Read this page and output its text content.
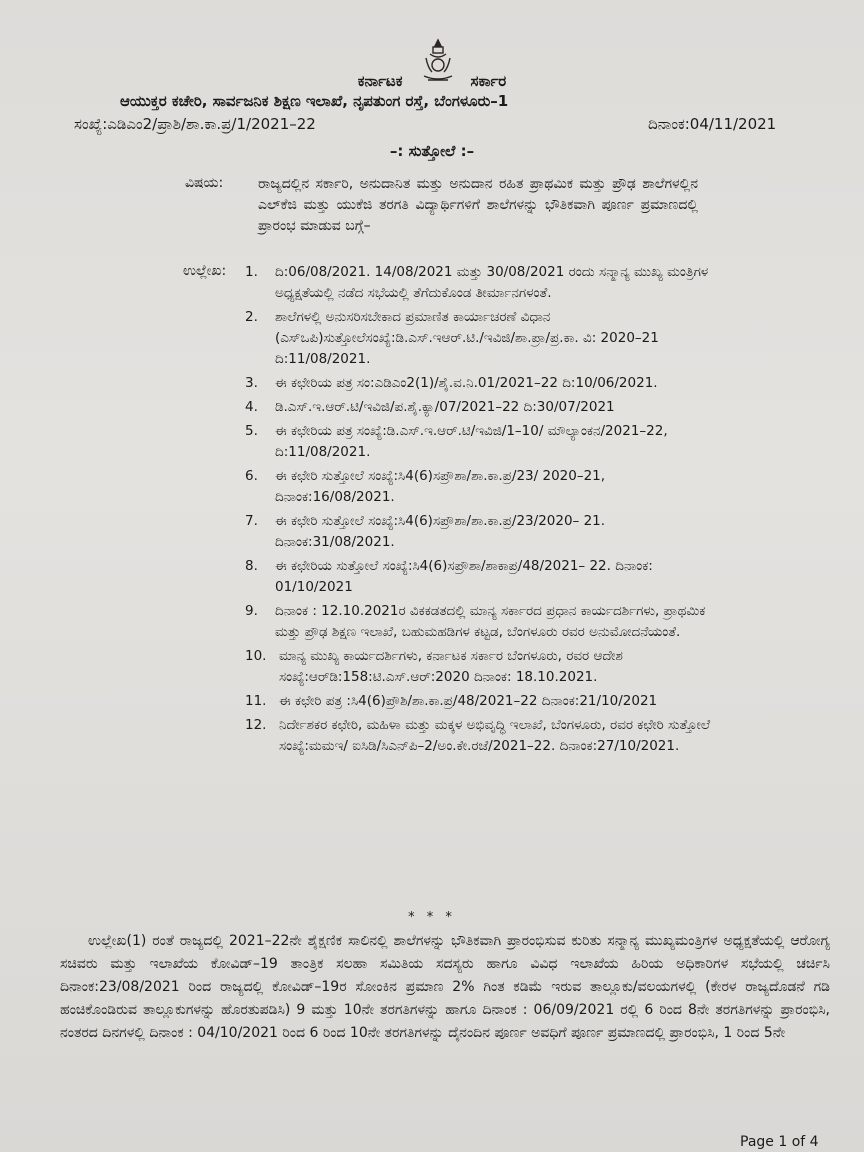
ಕರ್ನಾಟಕ	ಸರ್ಕಾರ
ಆಯುಕ್ತರ ಕಚೇರಿ, ಸಾರ್ವಜನಿಕ ಶಿಕ್ಷಣ ಇಲಾಖೆ, ನೃಪತುಂಗ ರಸ್ತೆ, ಬೆಂಗಳೂರು–1
ಸಂಖ್ಯೆ:ಎಡಿಎಂ2/ಪ್ರಾಶಿ/ಶಾ.ಕಾ.ಪ್ರ/1/2021–22	ದಿನಾಂಕ:04/11/2021
–: ಸುತ್ತೋಲೆ :–
ವಿಷಯ: ರಾಜ್ಯದಲ್ಲಿನ ಸರ್ಕಾರಿ, ಅನುದಾನಿತ ಮತ್ತು ಅನುದಾನ ರಹಿತ ಪ್ರಾಥಮಿಕ ಮತ್ತು ಪ್ರೌಢ ಶಾಲೆಗಳಲ್ಲಿನ ಎಲ್‌ಕೆಜಿ ಮತ್ತು ಯುಕೆಜಿ ತರಗತಿ ವಿದ್ಯಾರ್ಥಿಗಳಿಗೆ ಶಾಲೆಗಳನ್ನು ಭೌತಿಕವಾಗಿ ಪೂರ್ಣ ಪ್ರಮಾಣದಲ್ಲಿ ಪ್ರಾರಂಭ ಮಾಡುವ ಬಗ್ಗೆ–
ಉಲ್ಲೇಖ: 1. ದಿ:06/08/2021. 14/08/2021 ಮತ್ತು 30/08/2021 ರಂದು ಸನ್ಮಾನ್ಯ ಮುಖ್ಯ ಮಂತ್ರಿಗಳ ಅಧ್ಯಕ್ಷತೆಯಲ್ಲಿ ನಡೆದ ಸಭೆಯಲ್ಲಿ ತೆಗೆದುಕೊಂಡ ತೀರ್ಮಾನಗಳಂತೆ.
2. ಶಾಲೆಗಳಲ್ಲಿ ಅನುಸರಿಸಬೇಕಾದ ಪ್ರಮಾಣಿತ ಕಾರ್ಯಾಚರಣೆ ವಿಧಾನ (ಎಸ್‌ಒಪಿ)ಸುತ್ತೋಲೆಸಂಖ್ಯೆ:ಡಿ.ಎಸ್.ಇಆರ್.ಟಿ./ಇವಿಜಿ/ಶಾ.ಪ್ರಾ/ಪ್ರ.ಕಾ. ವಿ: 2020–21 ದಿ:11/08/2021.
3. ಈ ಕಛೇರಿಯ ಪತ್ರ ಸಂ:ಎಡಿಎಂ2(1)/ಶೈ.ವ.ನಿ.01/2021–22 ದಿ:10/06/2021.
4. ಡಿ.ಎಸ್.ಇ.ಆರ್.ಟಿ/ಇವಿಜಿ/ಪ.ಶೈ.ಕ್ಯಾ/07/2021–22 ದಿ:30/07/2021
5. ಈ ಕಛೇರಿಯ ಪತ್ರ ಸಂಖ್ಯೆ:ಡಿ.ಎಸ್.ಇ.ಆರ್.ಟಿ/ಇವಿಜಿ/1–10/ ಮೌಲ್ಯಾಂಕನ/2021–22, ದಿ:11/08/2021.
6. ಈ ಕಛೇರಿ ಸುತ್ತೋಲೆ ಸಂಖ್ಯೆ:ಸಿ4(6)ಸಪ್ರೌಶಾ/ಶಾ.ಕಾ.ಪ್ರ/23/ 2020–21, ದಿನಾಂಕ:16/08/2021.
7. ಈ ಕಛೇರಿ ಸುತ್ತೋಲೆ ಸಂಖ್ಯೆ:ಸಿ4(6)ಸಪ್ರೌಶಾ/ಶಾ.ಕಾ.ಪ್ರ/23/2020– 21. ದಿನಾಂಕ:31/08/2021.
8. ಈ ಕಛೇರಿಯ ಸುತ್ತೋಲೆ ಸಂಖ್ಯೆ:ಸಿ4(6)ಸಪ್ರೌಶಾ/ಶಾಕಾಪ್ರ/48/2021– 22. ದಿನಾಂಕ: 01/10/2021
9. ದಿನಾಂಕ : 12.10.2021ರ ವಿಕಕಡತದಲ್ಲಿ ಮಾನ್ಯ ಸರ್ಕಾರದ ಪ್ರಧಾನ ಕಾರ್ಯದರ್ಶಿಗಳು, ಪ್ರಾಥಮಿಕ ಮತ್ತು ಪ್ರೌಢ ಶಿಕ್ಷಣ ಇಲಾಖೆ, ಬಹುಮಹಡಿಗಳ ಕಟ್ಟಡ, ಬೆಂಗಳೂರು ರವರ ಅನುಮೋದನೆಯಂತೆ.
10. ಮಾನ್ಯ ಮುಖ್ಯ ಕಾರ್ಯದರ್ಶಿಗಳು, ಕರ್ನಾಟಕ ಸರ್ಕಾರ ಬೆಂಗಳೂರು, ರವರ ಆದೇಶ ಸಂಖ್ಯೆ:ಆರ್‌ಡಿ:158:ಟಿ.ಎಸ್.ಆರ್:2020 ದಿನಾಂಕ: 18.10.2021.
11. ಈ ಕಛೇರಿ ಪತ್ರ :ಸಿ4(6)ಪ್ರೌಶಿ/ಶಾ.ಕಾ.ಪ್ರ/48/2021–22 ದಿನಾಂಕ:21/10/2021
12. ನಿರ್ದೇಶಕರ ಕಛೇರಿ, ಮಹಿಳಾ ಮತ್ತು ಮಕ್ಕಳ ಅಭಿವೃದ್ಧಿ ಇಲಾಖೆ, ಬೆಂಗಳೂರು, ರವರ ಕಛೇರಿ ಸುತ್ತೋಲೆ ಸಂಖ್ಯೆ:ಮಮಇ/ ಐಸಿಡಿ/ಸಿಎನ್‌ಪಿ–2/ಅಂ.ಕೇ.ರಜೆ/2021–22. ದಿನಾಂಕ:27/10/2021.
* * *
ಉಲ್ಲೇಖ(1) ರಂತೆ ರಾಜ್ಯದಲ್ಲಿ 2021–22ನೇ ಶೈಕ್ಷಣಿಕ ಸಾಲಿನಲ್ಲಿ ಶಾಲೆಗಳನ್ನು ಭೌತಿಕವಾಗಿ ಪ್ರಾರಂಭಿಸುವ ಕುರಿತು ಸನ್ಮಾನ್ಯ ಮುಖ್ಯಮಂತ್ರಿಗಳ ಅಧ್ಯಕ್ಷತೆಯಲ್ಲಿ ಆರೋಗ್ಯ ಸಚಿವರು ಮತ್ತು ಇಲಾಖೆಯ ಕೋವಿಡ್–19 ತಾಂತ್ರಿಕ ಸಲಹಾ ಸಮಿತಿಯ ಸದಸ್ಯರು ಹಾಗೂ ವಿವಿಧ ಇಲಾಖೆಯ ಹಿರಿಯ ಅಧಿಕಾರಿಗಳ ಸಭೆಯಲ್ಲಿ ಚರ್ಚಿಸಿ ದಿನಾಂಕ:23/08/2021 ರಿಂದ ರಾಜ್ಯದಲ್ಲಿ ಕೋವಿಡ್–19ರ ಸೋಂಕಿನ ಪ್ರಮಾಣ 2% ಗಿಂತ ಕಡಿಮೆ ಇರುವ ತಾಲ್ಲೂಕು/ವಲಯಗಳಲ್ಲಿ (ಕೇರಳ ರಾಜ್ಯದೊಡನೆ ಗಡಿ ಹಂಚಿಕೊಂಡಿರುವ ತಾಲ್ಲೂಕುಗಳನ್ನು ಹೊರತುಪಡಿಸಿ) 9 ಮತ್ತು 10ನೇ ತರಗತಿಗಳನ್ನು ಹಾಗೂ ದಿನಾಂಕ : 06/09/2021 ರಲ್ಲಿ 6 ರಿಂದ 8ನೇ ತರಗತಿಗಳನ್ನು ಪ್ರಾರಂಭಿಸಿ, ನಂತರದ ದಿನಗಳಲ್ಲಿ ದಿನಾಂಕ : 04/10/2021 ರಿಂದ 6 ರಿಂದ 10ನೇ ತರಗತಿಗಳನ್ನು ದೈನಂದಿನ ಪೂರ್ಣ ಅವಧಿಗೆ ಪೂರ್ಣ ಪ್ರಮಾಣದಲ್ಲಿ ಪ್ರಾರಂಭಿಸಿ, 1 ರಿಂದ 5ನೇ
Page 1 of 4
